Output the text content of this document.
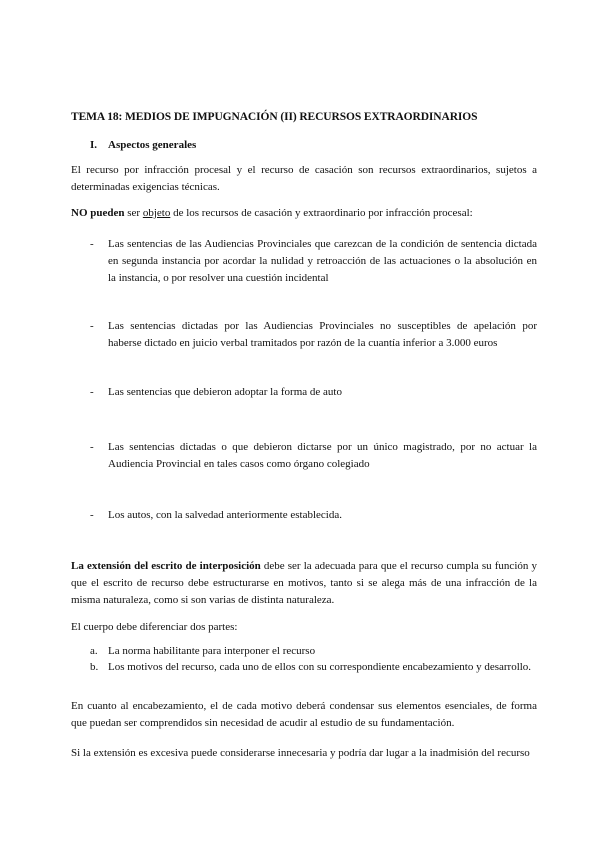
TEMA 18: MEDIOS DE IMPUGNACIÓN (II) RECURSOS EXTRAORDINARIOS
I. Aspectos generales
El recurso por infracción procesal y el recurso de casación son recursos extraordinarios, sujetos a
determinadas exigencias técnicas.
NO pueden ser objeto de los recursos de casación y extraordinario por infracción procesal:
-	Las sentencias de las Audiencias Provinciales que carezcan de la condición de sentencia dictada
en segunda instancia por acordar la nulidad y retroacción de las actuaciones o la absolución en
la instancia, o por resolver una cuestión incidental
-	Las sentencias dictadas por las Audiencias Provinciales no susceptibles de apelación por
haberse dictado en juicio verbal tramitados por razón de la cuantía inferior a 3.000 euros
-	Las sentencias que debieron adoptar la forma de auto
-	Las sentencias dictadas o que debieron dictarse por un único magistrado, por no actuar la
Audiencia Provincial en tales casos como órgano colegiado
-	Los autos, con la salvedad anteriormente establecida.
La extensión del escrito de interposición debe ser la adecuada para que el recurso cumpla su función y
que el escrito de recurso debe estructurarse en motivos, tanto si se alega más de una infracción de la
misma naturaleza, como si son varias de distinta naturaleza.
El cuerpo debe diferenciar dos partes:
a. La norma habilitante para interponer el recurso
b. Los motivos del recurso, cada uno de ellos con su correspondiente encabezamiento y desarrollo.
En cuanto al encabezamiento, el de cada motivo deberá condensar sus elementos esenciales, de forma
que puedan ser comprendidos sin necesidad de acudir al estudio de su fundamentación.
Si la extensión es excesiva puede considerarse innecesaria y podría dar lugar a la inadmisión del recurso
